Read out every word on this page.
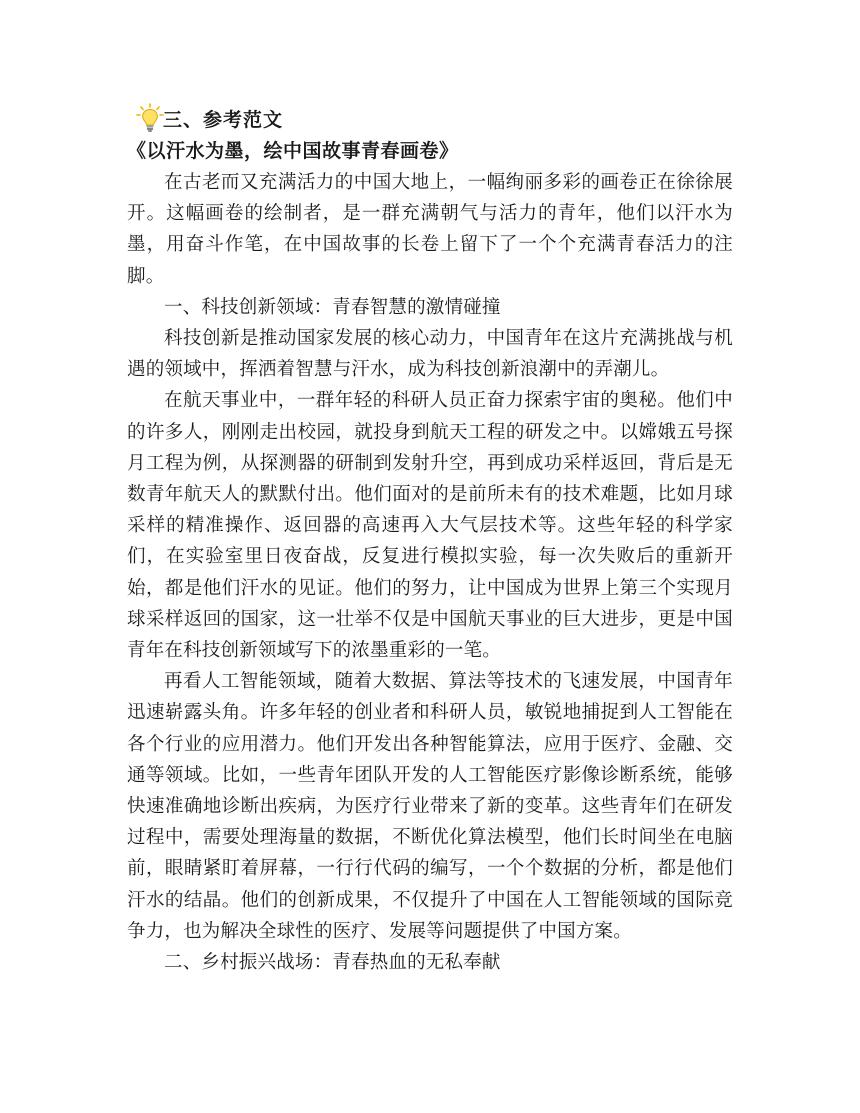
三、参考范文
《以汗水为墨，绘中国故事青春画卷》

在古老而又充满活力的中国大地上，一幅绚丽多彩的画卷正在徐徐展开。这幅画卷的绘制者，是一群充满朝气与活力的青年，他们以汗水为墨，用奋斗作笔，在中国故事的长卷上留下了一个个充满青春活力的注脚。

一、科技创新领域：青春智慧的激情碰撞

科技创新是推动国家发展的核心动力，中国青年在这片充满挑战与机遇的领域中，挥洒着智慧与汗水，成为科技创新浪潮中的弄潮儿。

在航天事业中，一群年轻的科研人员正奋力探索宇宙的奥秘。他们中的许多人，刚刚走出校园，就投身到航天工程的研发之中。以嫦娥五号探月工程为例，从探测器的研制到发射升空，再到成功采样返回，背后是无数青年航天人的默默付出。他们面对的是前所未有的技术难题，比如月球采样的精准操作、返回器的高速再入大气层技术等。这些年轻的科学家们，在实验室里日夜奋战，反复进行模拟实验，每一次失败后的重新开始，都是他们汗水的见证。他们的努力，让中国成为世界上第三个实现月球采样返回的国家，这一壮举不仅是中国航天事业的巨大进步，更是中国青年在科技创新领域写下的浓墨重彩的一笔。

再看人工智能领域，随着大数据、算法等技术的飞速发展，中国青年迅速崭露头角。许多年轻的创业者和科研人员，敏锐地捕捉到人工智能在各个行业的应用潜力。他们开发出各种智能算法，应用于医疗、金融、交通等领域。比如，一些青年团队开发的人工智能医疗影像诊断系统，能够快速准确地诊断出疾病，为医疗行业带来了新的变革。这些青年们在研发过程中，需要处理海量的数据，不断优化算法模型，他们长时间坐在电脑前，眼睛紧盯着屏幕，一行行代码的编写，一个个数据的分析，都是他们汗水的结晶。他们的创新成果，不仅提升了中国在人工智能领域的国际竞争力，也为解决全球性的医疗、发展等问题提供了中国方案。

二、乡村振兴战场：青春热血的无私奉献
